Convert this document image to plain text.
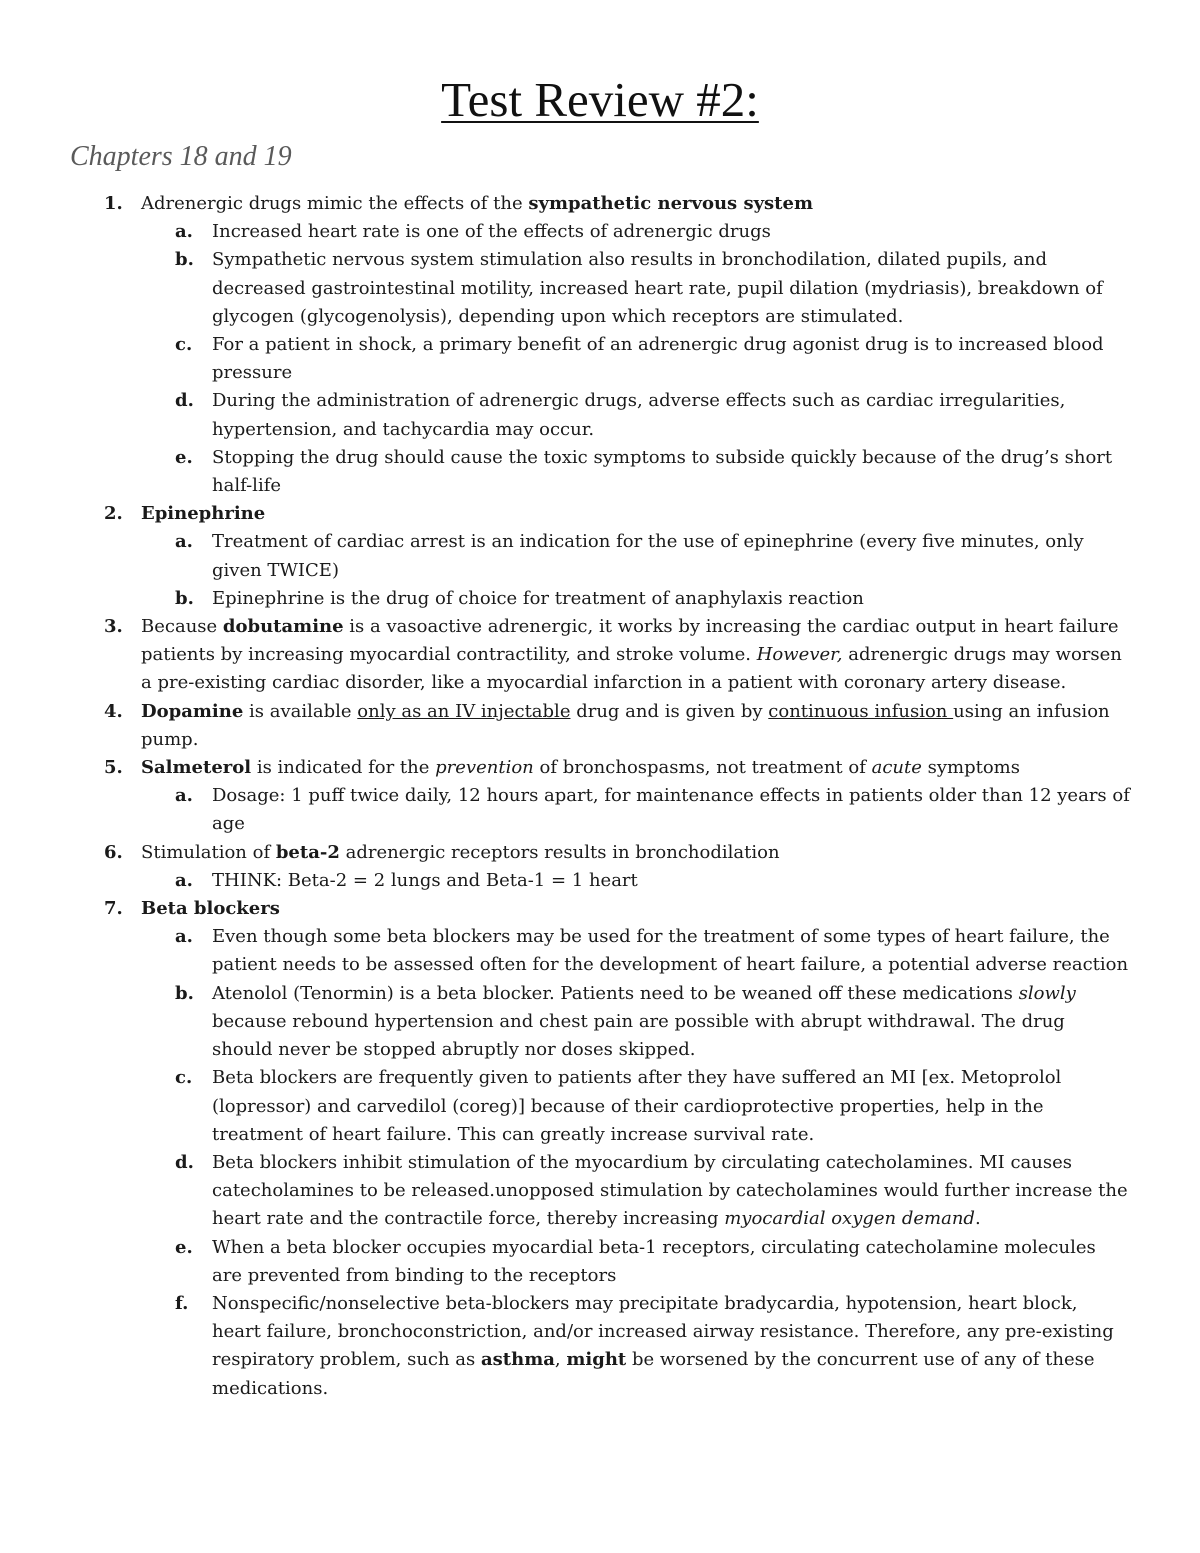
Test Review #2:
Chapters 18 and 19
1. Adrenergic drugs mimic the effects of the sympathetic nervous system
a. Increased heart rate is one of the effects of adrenergic drugs
b. Sympathetic nervous system stimulation also results in bronchodilation, dilated pupils, and decreased gastrointestinal motility, increased heart rate, pupil dilation (mydriasis), breakdown of glycogen (glycogenolysis), depending upon which receptors are stimulated.
c. For a patient in shock, a primary benefit of an adrenergic drug agonist drug is to increased blood pressure
d. During the administration of adrenergic drugs, adverse effects such as cardiac irregularities, hypertension, and tachycardia may occur.
e. Stopping the drug should cause the toxic symptoms to subside quickly because of the drug’s short half-life
2. Epinephrine
a. Treatment of cardiac arrest is an indication for the use of epinephrine (every five minutes, only given TWICE)
b. Epinephrine is the drug of choice for treatment of anaphylaxis reaction
3. Because dobutamine is a vasoactive adrenergic, it works by increasing the cardiac output in heart failure patients by increasing myocardial contractility, and stroke volume. However, adrenergic drugs may worsen a pre-existing cardiac disorder, like a myocardial infarction in a patient with coronary artery disease.
4. Dopamine is available only as an IV injectable drug and is given by continuous infusion using an infusion pump.
5. Salmeterol is indicated for the prevention of bronchospasms, not treatment of acute symptoms
a. Dosage: 1 puff twice daily, 12 hours apart, for maintenance effects in patients older than 12 years of age
6. Stimulation of beta-2 adrenergic receptors results in bronchodilation
a. THINK: Beta-2 = 2 lungs and Beta-1 = 1 heart
7. Beta blockers
a. Even though some beta blockers may be used for the treatment of some types of heart failure, the patient needs to be assessed often for the development of heart failure, a potential adverse reaction
b. Atenolol (Tenormin) is a beta blocker. Patients need to be weaned off these medications slowly because rebound hypertension and chest pain are possible with abrupt withdrawal. The drug should never be stopped abruptly nor doses skipped.
c. Beta blockers are frequently given to patients after they have suffered an MI [ex. Metoprolol (lopressor) and carvedilol (coreg)] because of their cardioprotective properties, help in the treatment of heart failure. This can greatly increase survival rate.
d. Beta blockers inhibit stimulation of the myocardium by circulating catecholamines. MI causes catecholamines to be released.unopposed stimulation by catecholamines would further increase the heart rate and the contractile force, thereby increasing myocardial oxygen demand.
e. When a beta blocker occupies myocardial beta-1 receptors, circulating catecholamine molecules are prevented from binding to the receptors
f. Nonspecific/nonselective beta-blockers may precipitate bradycardia, hypotension, heart block, heart failure, bronchoconstriction, and/or increased airway resistance. Therefore, any pre-existing respiratory problem, such as asthma, might be worsened by the concurrent use of any of these medications.
